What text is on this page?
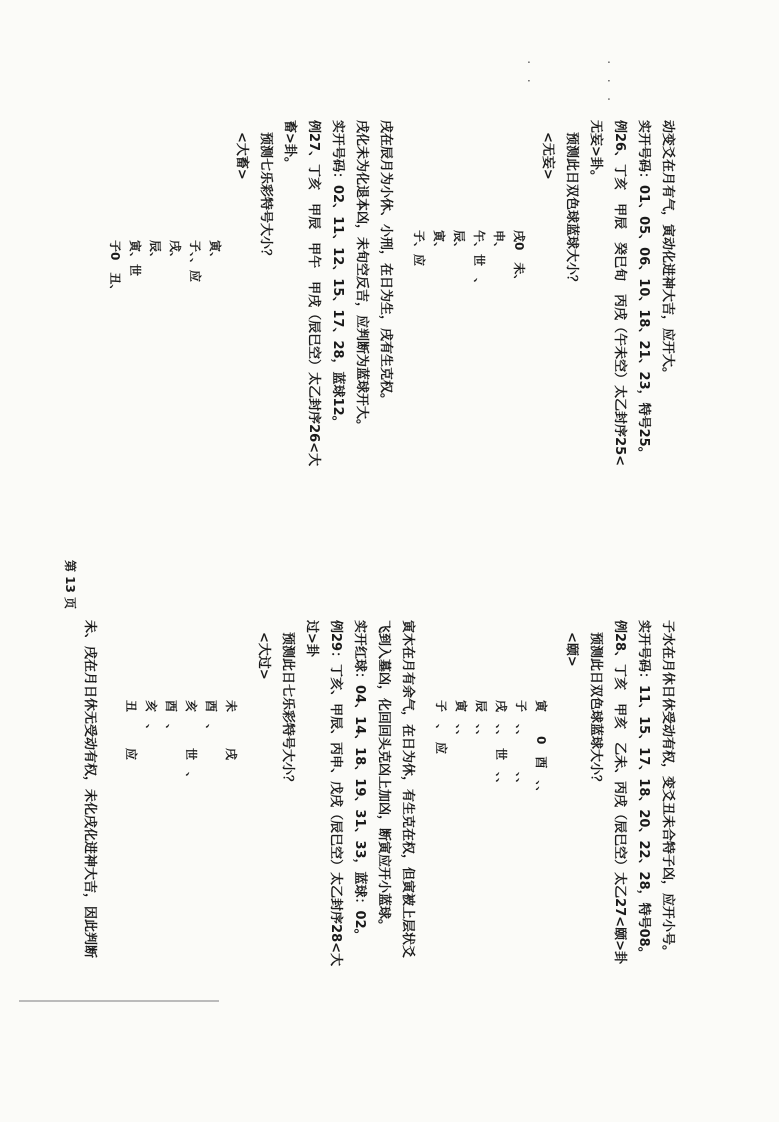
动变爻在月有气，寅动化进神大吉，应开大。
实开号码：01、05、06、10、18、21、23，特号25。
例26、丁亥　甲辰　癸巳旬　丙戌（午未空）太乙封序25<
无妄>卦。
预测此日双色球蓝球大小？
<无妄>
戌0　未、
申、
午、世　、
辰、
寅、
子、应
戌在辰月为小休、小刑，在日为生，戌有生克权。
戌化未为化退本凶，未旬空反吉，应判断为蓝球开大。
实开号码：02、11、12、15、17、28，蓝球12。
例27、丁亥　甲辰　甲午　甲戌（辰巳空）太乙封序26<大
畜>卦。
预测七乐彩特号大小？
<大畜>
寅、
子、、应
戌、
辰、
寅、世
子0　丑、
子水在月休日休受动有权，变爻丑未合特子凶，应开小号。
实开号码：11、15、17、18、20、22、28，特号08。
例28、丁亥　甲亥　乙未、丙戌（辰巳空）太乙27<颐>卦
预测此日双色球蓝球大小？
<颐>
寅　　0　酉　、、
子　、、　　　、、
戌　、、　世　、、
辰　、、
寅　、、
子　、　应
寅木在月有余气，在日为休，有生克在权，但寅被上层状爻
飞到入墓凶，化回回头克凶上加凶，断寅应开小蓝球。
实开红球：04、14、18、19、31、33，蓝球：02。
例29：丁亥、甲辰、丙申、戊戌（辰巳空）太乙封序28<大
过>卦
预测此日七乐彩特号大小？
<大过>
未　　　戌
酉　、
亥　　　世　、
酉　、
亥　、
丑　　　应
未、戌在月日休无受动有权，未化戌化进神大吉，因此判断
第 13 页
·　·　·
·　·
